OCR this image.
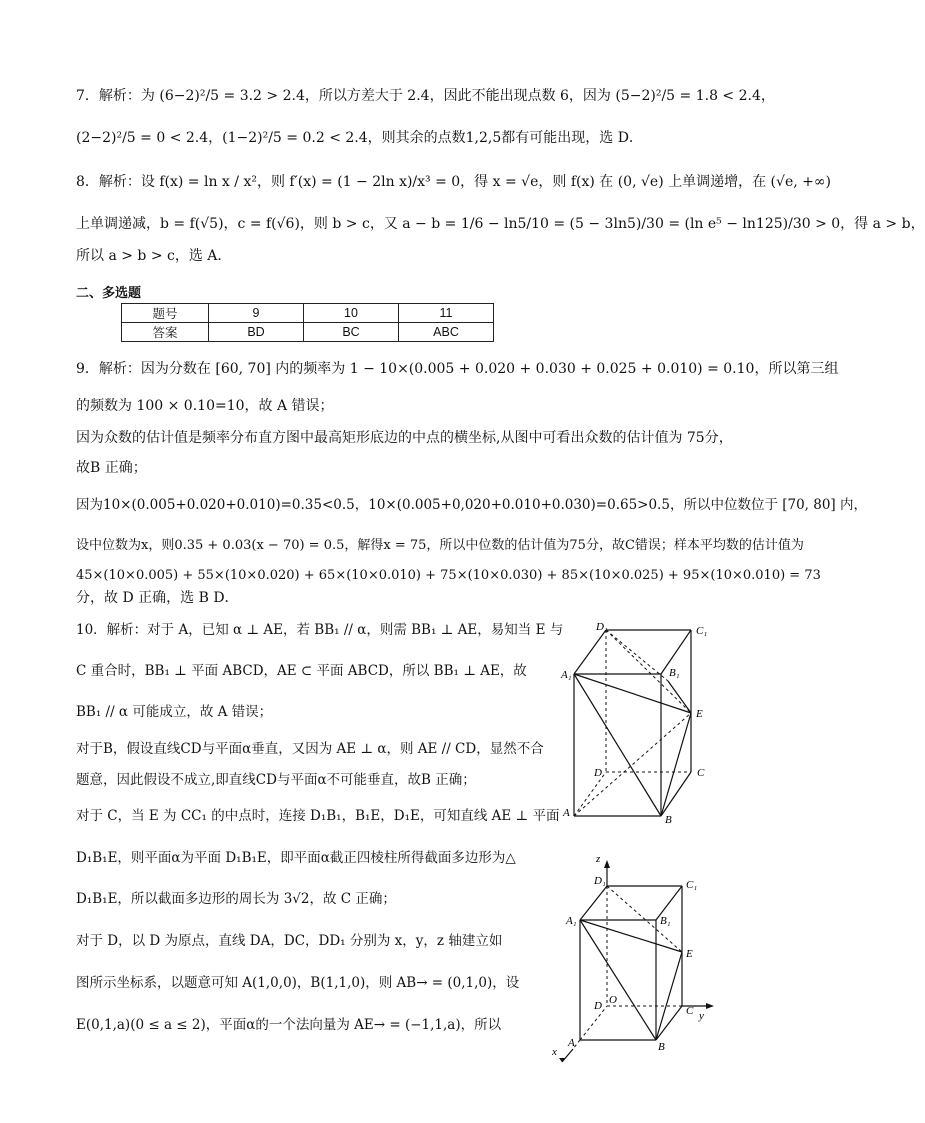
7．解析：为 (6−2)²/5 = 3.2 > 2.4，所以方差大于 2.4，因此不能出现点数 6，因为 (5−2)²/5 = 1.8 < 2.4，
(2−2)²/5 = 0 < 2.4，(1−2)²/5 = 0.2 < 2.4，则其余的点数1,2,5都有可能出现，选 D．
8．解析：设 f(x) = ln x / x²，则 f′(x) = (1 − 2ln x)/x³ = 0，得 x = √e，则 f(x) 在 (0, √e) 上单调递增，在 (√e, +∞)
上单调递减，b = f(√5)，c = f(√6)，则 b > c，又 a − b = 1/6 − ln5/10 = (5 − 3ln5)/30 = (ln e⁵ − ln125)/30 > 0，得 a > b，
所以 a > b > c，选 A．
二、多选题
题号	9	10	11
答案	BD	BC	ABC
9．解析：因为分数在 [60, 70] 内的频率为 1 − 10×(0.005 + 0.020 + 0.030 + 0.025 + 0.010) = 0.10，所以第三组
的频数为 100 × 0.10=10，故 A 错误；
因为众数的估计值是频率分布直方图中最高矩形底边的中点的横坐标,从图中可看出众数的估计值为 75分，
故B 正确；
因为10×(0.005+0.020+0.010)=0.35<0.5，10×(0.005+0,020+0.010+0.030)=0.65>0.5，所以中位数位于 [70, 80] 内，
设中位数为x，则0.35 + 0.03(x − 70) = 0.5，解得x = 75，所以中位数的估计值为75分，故C错误；样本平均数的估计值为
45×(10×0.005) + 55×(10×0.020) + 65×(10×0.010) + 75×(10×0.030) + 85×(10×0.025) + 95×(10×0.010) = 73
分，故 D 正确，选 B D．
10．解析：对于 A，已知 α ⊥ AE，若 BB₁ // α，则需 BB₁ ⊥ AE，易知当 E 与
C 重合时，BB₁ ⊥ 平面 ABCD，AE ⊂ 平面 ABCD，所以 BB₁ ⊥ AE，故
BB₁ // α 可能成立，故 A 错误；
对于B，假设直线CD与平面α垂直，又因为 AE ⊥ α，则 AE // CD，显然不合
题意，因此假设不成立,即直线CD与平面α不可能垂直，故B 正确；
对于 C，当 E 为 CC₁ 的中点时，连接 D₁B₁，B₁E，D₁E，可知直线 AE ⊥ 平面
D₁B₁E，则平面α为平面 D₁B₁E，即平面α截正四棱柱所得截面多边形为△
D₁B₁E，所以截面多边形的周长为 3√2，故 C 正确；
对于 D，以 D 为原点，直线 DA，DC，DD₁ 分别为 x，y，z 轴建立如
图所示坐标系，以题意可知 A(1,0,0)，B(1,1,0)，则 AB→ = (0,1,0)，设
E(0,1,a)(0 ≤ a ≤ 2)，平面α的一个法向量为 AE→ = (−1,1,a)，所以
D₁	C₁
A₁	B₁
E
D	C
A
B
z
D₁	C₁
A₁	B₁
E
D O
C y
A	B
x
